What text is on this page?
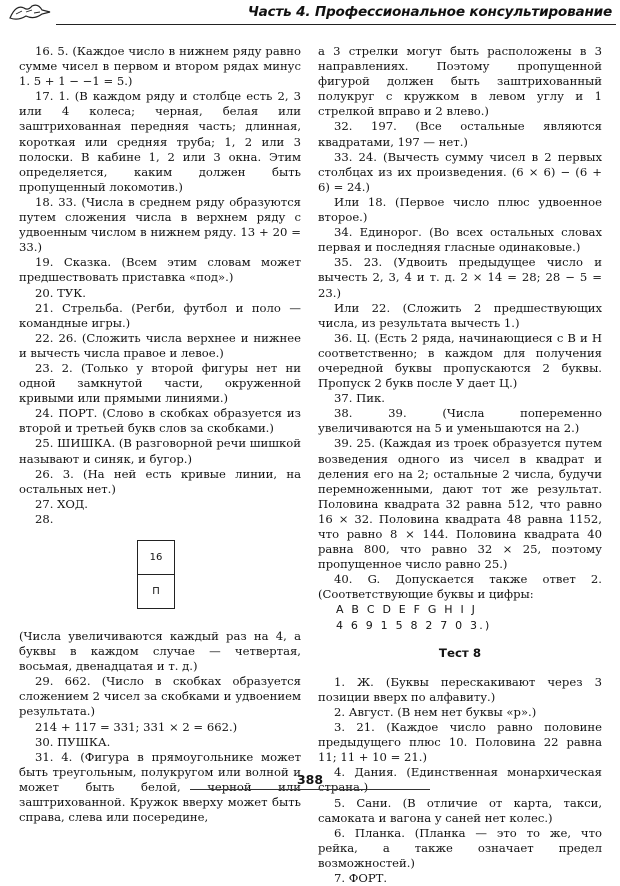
Часть 4. Профессиональное консультирование

16. 5. (Каждое число в нижнем ряду равно сумме чисел в первом и втором рядах минус 1. 5 + 1 − −1 = 5.)

17. 1. (В каждом ряду и столбце есть 2, 3 или 4 колеса; черная, белая или заштрихованная передняя часть; длинная, короткая или средняя труба; 1, 2 или 3 полоски. В кабине 1, 2 или 3 окна. Этим определяется, каким должен быть пропущенный локомотив.)

18. 33. (Числа в среднем ряду образуются путем сложения числа в верхнем ряду с удвоенным числом в нижнем ряду. 13 + 20 = 33.)

19. Сказка. (Всем этим словам может предшествовать приставка «под».)

20. ТУК.

21. Стрельба. (Регби, футбол и поло — командные игры.)

22. 26. (Сложить числа верхнее и нижнее и вычесть числа правое и левое.)

23. 2. (Только у второй фигуры нет ни одной замкнутой части, окруженной кривыми или прямыми линиями.)

24. ПОРТ. (Слово в скобках образуется из второй и третьей букв слов за скобками.)

25. ШИШКА. (В разговорной речи шишкой называют и синяк, и бугор.)

26. 3. (На ней есть кривые линии, на остальных нет.)

27. ХОД.

28.

16
П

(Числа увеличиваются каждый раз на 4, а буквы в каждом случае — четвертая, восьмая, двенадцатая и т. д.)

29. 662. (Число в скобках образуется сложением 2 чисел за скобками и удвоением результата.)

214 + 117 = 331; 331 × 2 = 662.)

30. ПУШКА.

31. 4. (Фигура в прямоугольнике может быть треугольным, полукругом или волной и может быть белой, черной или заштрихованной. Кружок вверху может быть справа, слева или посередине,

а 3 стрелки могут быть расположены в 3 направлениях. Поэтому пропущенной фигурой должен быть заштрихованный полукруг с кружком в левом углу и 1 стрелкой вправо и 2 влево.)

32. 197. (Все остальные являются квадратами, 197 — нет.)

33. 24. (Вычесть сумму чисел в 2 первых столбцах из их произведения. (6 × 6) − (6 + 6) = 24.)

Или 18. (Первое число плюс удвоенное второе.)

34. Единорог. (Во всех остальных словах первая и последняя гласные одинаковые.)

35. 23. (Удвоить предыдущее число и вычесть 2, 3, 4 и т. д. 2 × 14 = 28; 28 − 5 = 23.)

Или 22. (Сложить 2 предшествующих числа, из результата вычесть 1.)

36. Ц. (Есть 2 ряда, начинающиеся с В и Н соответственно; в каждом для получения очередной буквы пропускаются 2 буквы. Пропуск 2 букв после У дает Ц.)

37. Пик.

38. 39. (Числа попеременно увеличиваются на 5 и уменьшаются на 2.)

39. 25. (Каждая из троек образуется путем возведения одного из чисел в квадрат и деления его на 2; остальные 2 числа, будучи перемноженными, дают тот же результат. Половина квадрата 32 равна 512, что равно 16 × 32. Половина квадрата 48 равна 1152, что равно 8 × 144. Половина квадрата 40 равна 800, что равно 32 × 25, поэтому пропущенное число равно 25.)

40. G. Допускается также ответ 2. (Соответствующие буквы и цифры:

A B C D E F G H I J
4 6 9 1 5 8 2 7 0 3.)
Тест 8

1. Ж. (Буквы перескакивают через 3 позиции вверх по алфавиту.)

2. Август. (В нем нет буквы «р».)

3. 21. (Каждое число равно половине предыдущего плюс 10. Половина 22 равна 11; 11 + 10 = 21.)

4. Дания. (Единственная монархическая страна.)

5. Сани. (В отличие от карта, такси, самоката и вагона у саней нет колес.)

6. Планка. (Планка — это то же, что рейка, а также означает предел возможностей.)

7. ФОРТ.

388
